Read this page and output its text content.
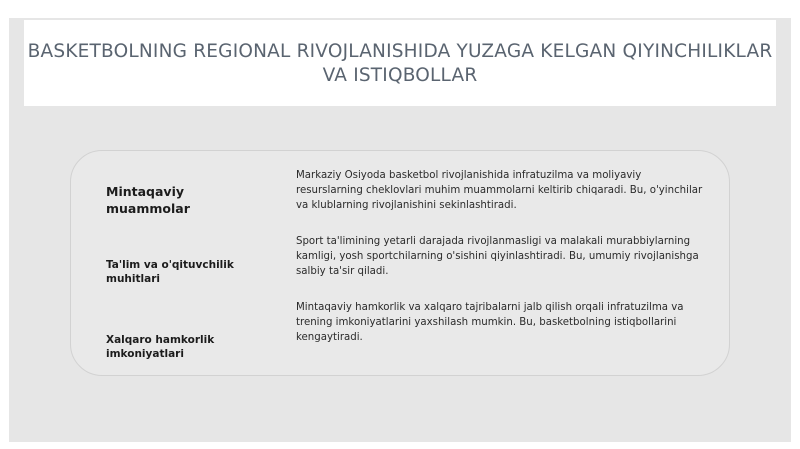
BASKETBOLNING REGIONAL RIVOJLANISHIDA YUZAGA KELGAN QIYINCHILIKLAR VA ISTIQBOLLAR
Mintaqaviy muammolar
Markaziy Osiyoda basketbol rivojlanishida infratuzilma va moliyaviy resurslarning cheklovlari muhim muammolarni keltirib chiqaradi. Bu, o'yinchilar va klublarning rivojlanishini sekinlashtiradi.
Ta'lim va o'qituvchilik muhitlari
Sport ta'limining yetarli darajada rivojlanmasligi va malakali murabbiylarning kamligi, yosh sportchilarning o'sishini qiyinlashtiradi. Bu, umumiy rivojlanishga salbiy ta'sir qiladi.
Xalqaro hamkorlik imkoniyatlari
Mintaqaviy hamkorlik va xalqaro tajribalarni jalb qilish orqali infratuzilma va trening imkoniyatlarini yaxshilash mumkin. Bu, basketbolning istiqbollarini kengaytiradi.
